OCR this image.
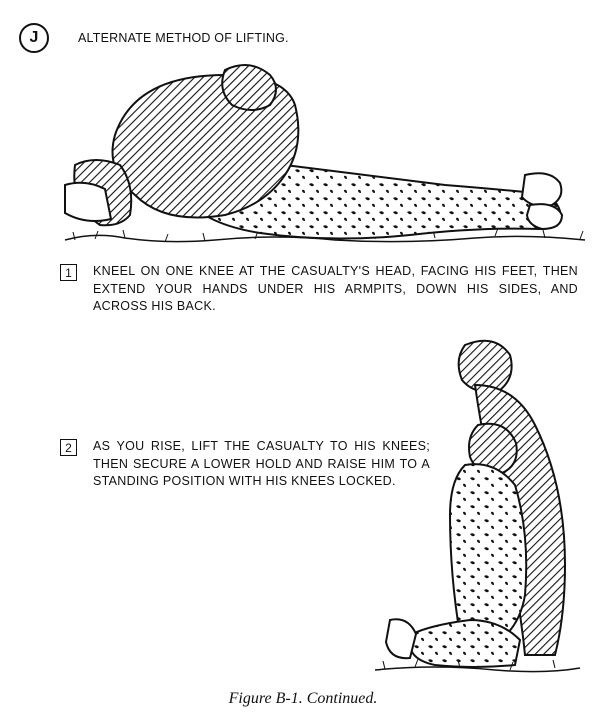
J	ALTERNATE METHOD OF LIFTING.
1	KNEEL ON ONE KNEE AT THE CASUALTY'S HEAD, FACING HIS FEET, THEN EXTEND YOUR HANDS UNDER HIS ARMPITS, DOWN HIS SIDES, AND ACROSS HIS BACK.
2	AS YOU RISE, LIFT THE CASUALTY TO HIS KNEES; THEN SECURE A LOWER HOLD AND RAISE HIM TO A STANDING POSITION WITH HIS KNEES LOCKED.
Figure B-1. Continued.
